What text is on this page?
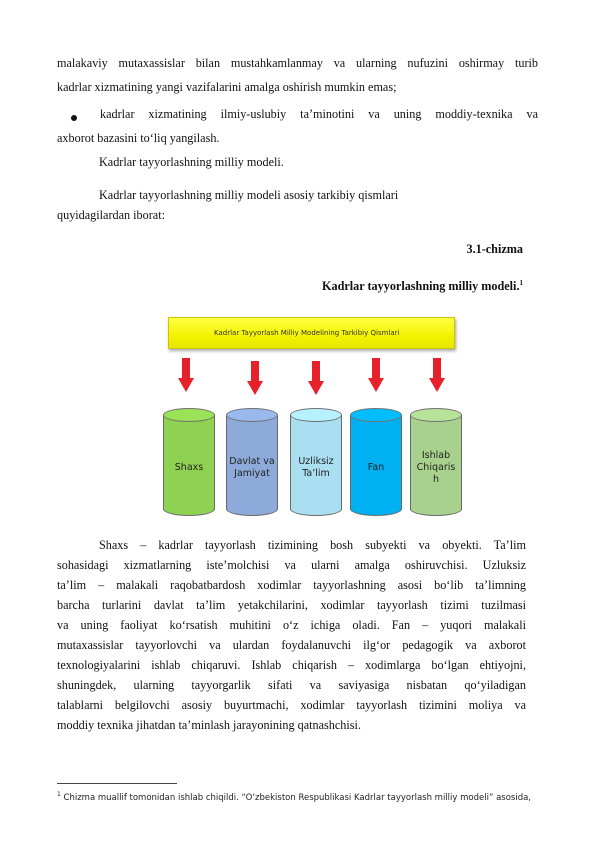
malakaviy mutaxassislar bilan mustahkamlanmay va ularning nufuzini oshirmay turib
kadrlar xizmatining yangi vazifalarini amalga oshirish mumkin emas;
kadrlar xizmatining ilmiy-uslubiy ta’minotini va uning moddiy-texnika va
axborot bazasini to‘liq yangilash.
Kadrlar tayyorlashning milliy modeli.
Kadrlar tayyorlashning milliy modeli asosiy tarkibiy qismlari
quyidagilardan iborat:
3.1-chizma
Kadrlar tayyorlashning milliy modeli.$^1$
Kadrlar Tayyorlash Milliy Modelining Tarkibiy Qismlari
Shaxs
Davlat va
Jamiyat
Uzliksiz
Ta’lim
Fan
Ishlab
Chiqaris
h
Shaxs – kadrlar tayyorlash tizimining bosh subyekti va obyekti. Ta’lim
sohasidagi xizmatlarning iste’molchisi va ularni amalga oshiruvchisi. Uzluksiz
ta’lim – malakali raqobatbardosh xodimlar tayyorlashning asosi bo‘lib ta’limning
barcha turlarini davlat ta’lim yetakchilarini, xodimlar tayyorlash tizimi tuzilmasi
va uning faoliyat ko‘rsatish muhitini o‘z ichiga oladi. Fan – yuqori malakali
mutaxassislar tayyorlovchi va ulardan foydalanuvchi ilg‘or pedagogik va axborot
texnologiyalarini ishlab chiqaruvi. Ishlab chiqarish – xodimlarga bo‘lgan ehtiyojni,
shuningdek, ularning tayyorgarlik sifati va saviyasiga nisbatan qo‘yiladigan
talablarni belgilovchi asosiy buyurtmachi, xodimlar tayyorlash tizimini moliya va
moddiy texnika jihatdan ta’minlash jarayonining qatnashchisi.
$^1$ Chizma muallif tomonidan ishlab chiqildi. “O‘zbekiston Respublikasi Kadrlar tayyorlash milliy modeli” asosida,
